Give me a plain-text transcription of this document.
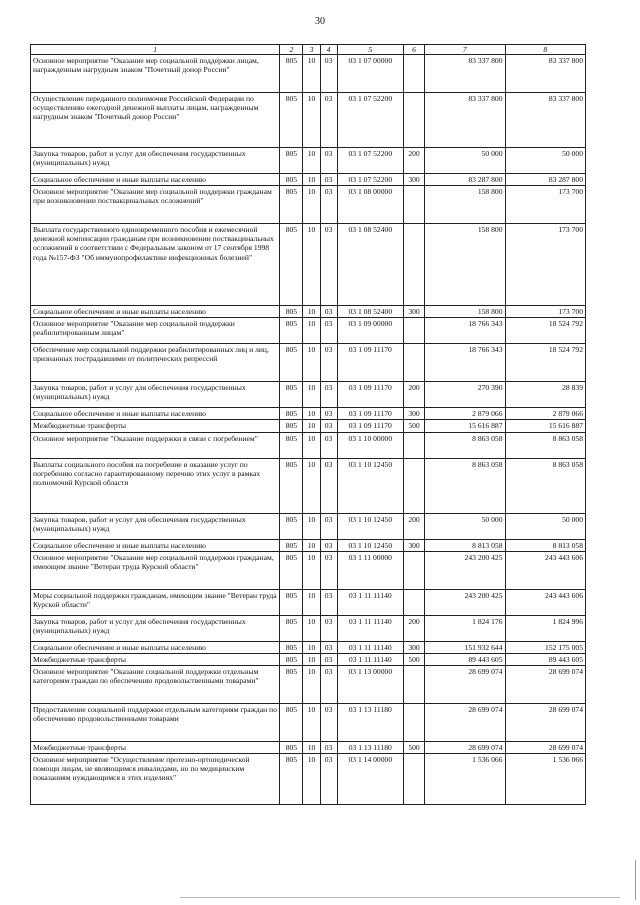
30
1	2	3	4	5	6	7	8
Основное мероприятие "Оказание мер социальной поддержки лицам, награжденным нагрудным знаком "Почетный донор России"	805	10	03	03 1 07 00000		83 337 800	83 337 800
Осуществление переданного полномочия Российской Федерации по осуществлению ежегодной денежной выплаты лицам, награжденным нагрудным знаком "Почетный донор России"	805	10	03	03 1 07 52200		83 337 800	83 337 800
Закупка товаров, работ и услуг для обеспечения государственных (муниципальных) нужд	805	10	03	03 1 07 52200	200	50 000	50 000
Социальное обеспечение и иные выплаты населению	805	10	03	03 1 07 52200	300	83 287 800	83 287 800
Основное мероприятие "Оказание мер социальной поддержки гражданам при возникновении поствакцинальных осложнений"	805	10	03	03 1 08 00000		158 800	173 700
Выплата государственного единовременного пособия и ежемесячной денежной компенсации гражданам при возникновении поствакцинальных осложнений в соответствии с Федеральным законом от 17 сентября 1998 года №157-ФЗ "Об иммунопрофилактике инфекционных болезней"	805	10	03	03 1 08 52400		158 800	173 700
Социальное обеспечение и иные выплаты населению	805	10	03	03 1 08 52400	300	158 800	173 700
Основное мероприятие "Оказание мер социальной поддержки реабилитированным лицам"	805	10	03	03 1 09 00000		18 766 343	18 524 792
Обеспечение мер социальной поддержки реабилитированных лиц и лиц, признанных пострадавшими от политических репрессий	805	10	03	03 1 09 11170		18 766 343	18 524 792
Закупка товаров, работ и услуг для обеспечения государственных (муниципальных) нужд	805	10	03	03 1 09 11170	200	270 390	28 839
Социальное обеспечение и иные выплаты населению	805	10	03	03 1 09 11170	300	2 879 066	2 879 066
Межбюджетные трансферты	805	10	03	03 1 09 11170	500	15 616 887	15 616 887
Основное мероприятие "Оказание поддержки в связи с погребением"	805	10	03	03 1 10 00000		8 863 058	8 863 058
Выплаты социального пособия на погребение и оказание услуг по погребению согласно гарантированному перечню этих услуг в рамках полномочий Курской области	805	10	03	03 1 10 12450		8 863 058	8 863 058
Закупка товаров, работ и услуг для обеспечения государственных (муниципальных) нужд	805	10	03	03 1 10 12450	200	50 000	50 000
Социальное обеспечение и иные выплаты населению	805	10	03	03 1 10 12450	300	8 813 058	8 813 058
Основное мероприятие "Оказание мер социальной поддержки гражданам, имеющим звание "Ветеран труда Курской области"	805	10	03	03 1 11 00000		243 200 425	243 443 606
Меры социальной поддержки гражданам, имеющим звание "Ветеран труда Курской области"	805	10	03	03 1 11 11140		243 200 425	243 443 606
Закупка товаров, работ и услуг для обеспечения государственных (муниципальных) нужд	805	10	03	03 1 11 11140	200	1 824 176	1 824 996
Социальное обеспечение и иные выплаты населению	805	10	03	03 1 11 11140	300	151 932 644	152 175 005
Межбюджетные трансферты	805	10	03	03 1 11 11140	500	89 443 605	89 443 605
Основное мероприятие "Оказание социальной поддержки отдельным категориям граждан по обеспечению продовольственными товарами"	805	10	03	03 1 13 00000		28 699 074	28 699 074
Предоставление социальной поддержки отдельным категориям граждан по обеспечению продовольственными товарами	805	10	03	03 1 13 11180		28 699 074	28 699 074
Межбюджетные трансферты	805	10	03	03 1 13 11180	500	28 699 074	28 699 074
Основное мероприятие "Осуществление протезно-ортопедической помощи лицам, не являющимся инвалидами, но по медицинским показаниям нуждающимся в этих изделиях"	805	10	03	03 1 14 00000		1 536 066	1 536 066
